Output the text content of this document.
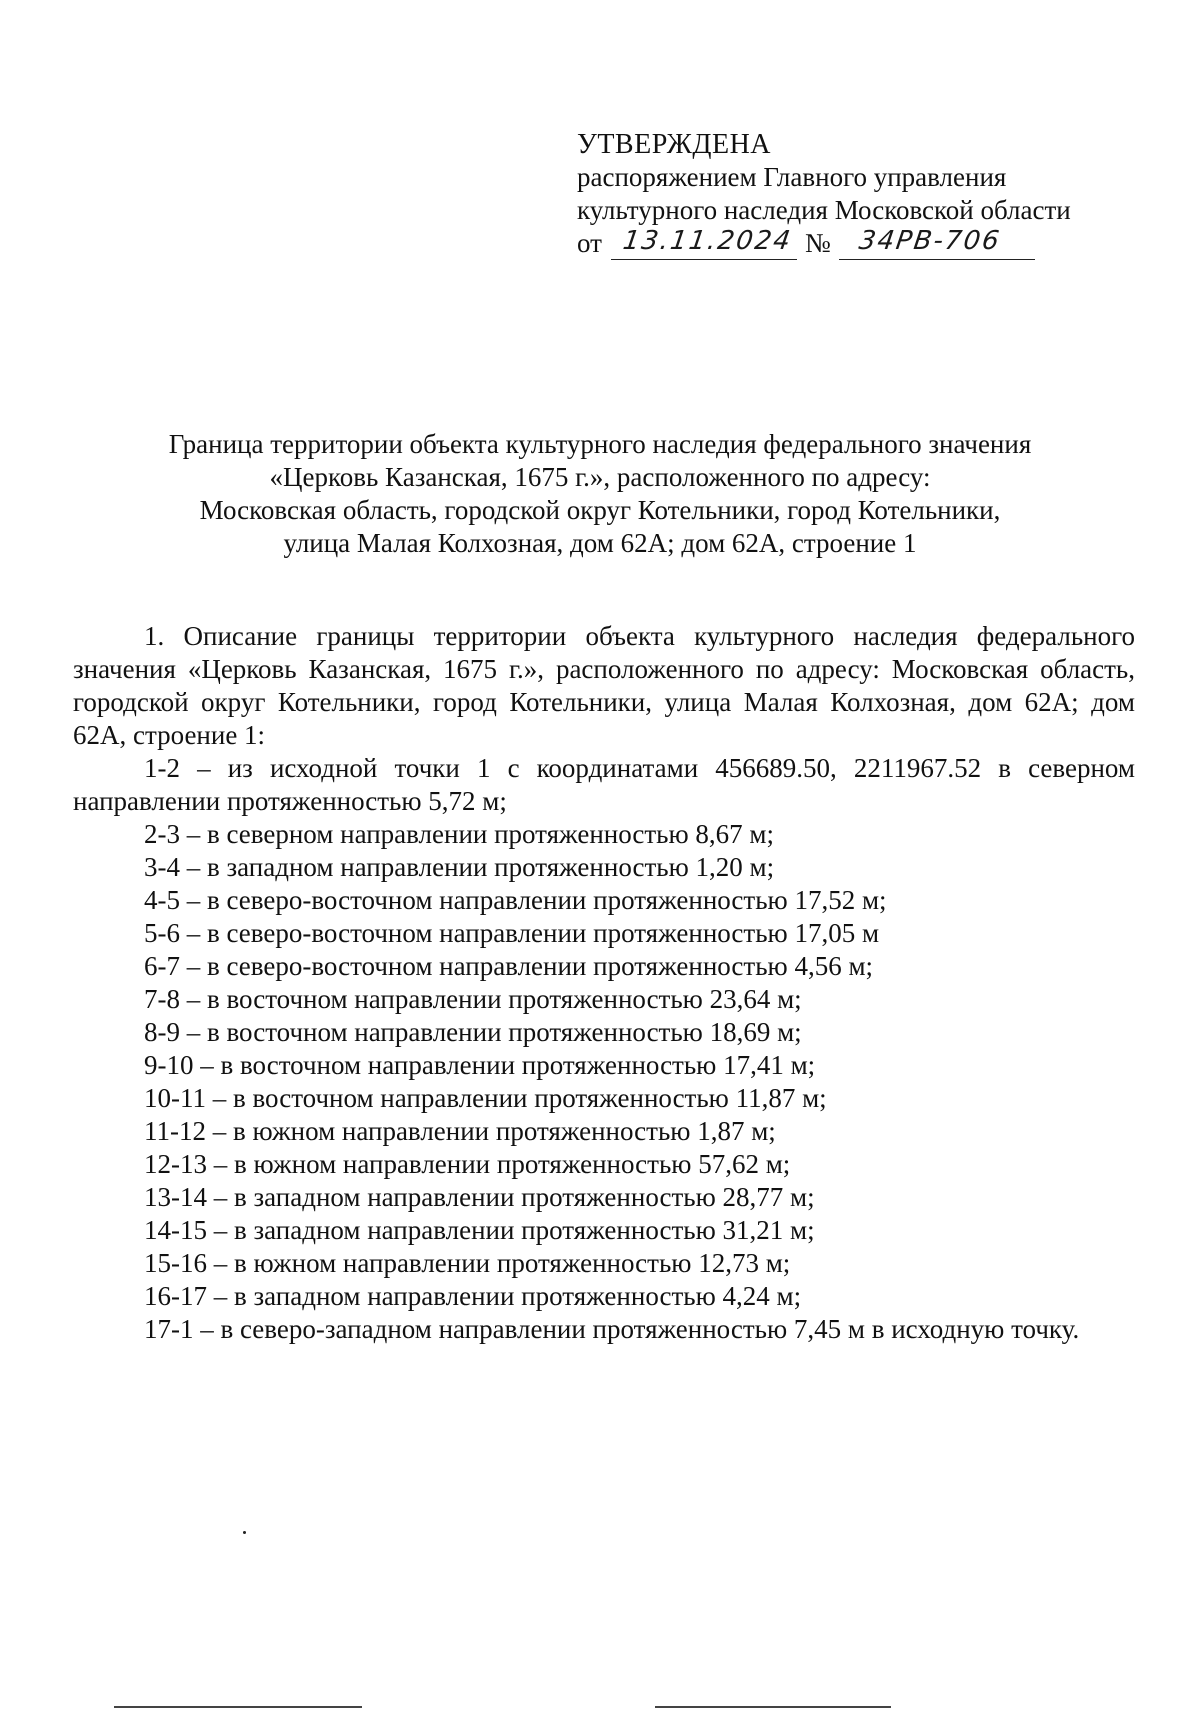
УТВЕРЖДЕНА
распоряжением Главного управления
культурного наследия Московской области
от 13.11.2024 № 34РВ-706
Граница территории объекта культурного наследия федерального значения
«Церковь Казанская, 1675 г.», расположенного по адресу:
Московская область, городской округ Котельники, город Котельники,
улица Малая Колхозная, дом 62А; дом 62А, строение 1

1. Описание границы территории объекта культурного наследия федерального значения «Церковь Казанская, 1675 г.», расположенного по адресу: Московская область, городской округ Котельники, город Котельники, улица Малая Колхозная, дом 62А; дом 62А, строение 1:

1-2 – из исходной точки 1 с координатами 456689.50, 2211967.52 в северном направлении протяженностью 5,72 м;
2-3 – в северном направлении протяженностью 8,67 м;
3-4 – в западном направлении протяженностью 1,20 м;
4-5 – в северо-восточном направлении протяженностью 17,52 м;
5-6 – в северо-восточном направлении протяженностью 17,05 м
6-7 – в северо-восточном направлении протяженностью 4,56 м;
7-8 – в восточном направлении протяженностью 23,64 м;
8-9 – в восточном направлении протяженностью 18,69 м;
9-10 – в восточном направлении протяженностью 17,41 м;
10-11 – в восточном направлении протяженностью 11,87 м;
11-12 – в южном направлении протяженностью 1,87 м;
12-13 – в южном направлении протяженностью 57,62 м;
13-14 – в западном направлении протяженностью 28,77 м;
14-15 – в западном направлении протяженностью 31,21 м;
15-16 – в южном направлении протяженностью 12,73 м;
16-17 – в западном направлении протяженностью 4,24 м;
17-1 – в северо-западном направлении протяженностью 7,45 м в исходную точку.
